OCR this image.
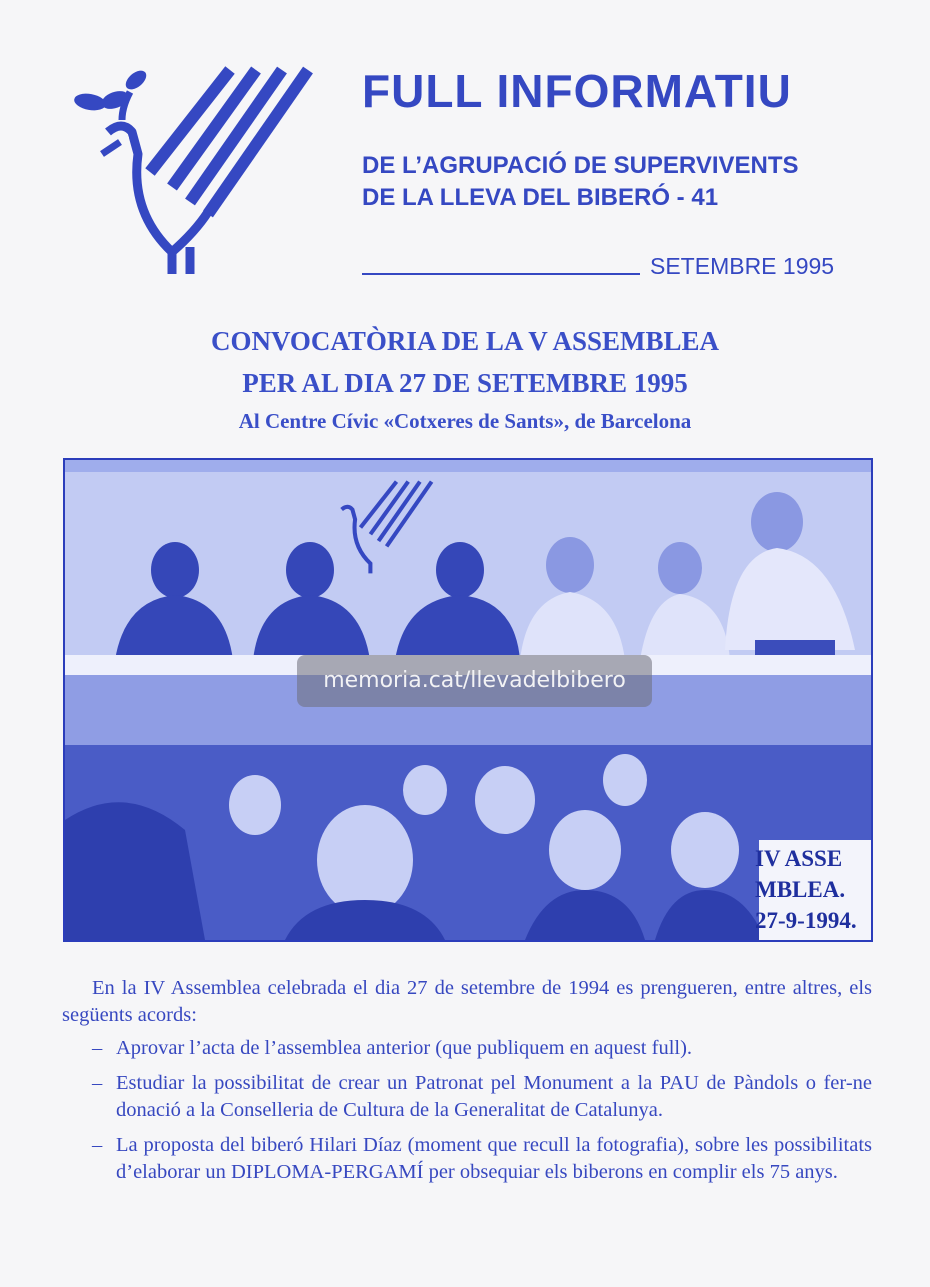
FULL INFORMATIU
DE L’AGRUPACIÓ DE SUPERVIVENTS
DE LA LLEVA DEL BIBERÓ - 41
SETEMBRE 1995
CONVOCATÒRIA DE LA V ASSEMBLEA
PER AL DIA 27 DE SETEMBRE 1995
Al Centre Cívic «Cotxeres de Sants», de Barcelona
IV ASSE
MBLEA.
27-9-1994.
memoria.cat/llevadelbibero

En la IV Assemblea celebrada el dia 27 de setembre de 1994 es prengueren, entre altres, els següents acords:

– Aprovar l’acta de l’assemblea anterior (que publiquem en aquest full).
– Estudiar la possibilitat de crear un Patronat pel Monument a la PAU de Pàndols o fer-ne donació a la Conselleria de Cultura de la Generalitat de Catalunya.
– La proposta del biberó Hilari Díaz (moment que recull la fotografia), sobre les possibilitats d’elaborar un DIPLOMA-PERGAMÍ per obsequiar els biberons en complir els 75 anys.
